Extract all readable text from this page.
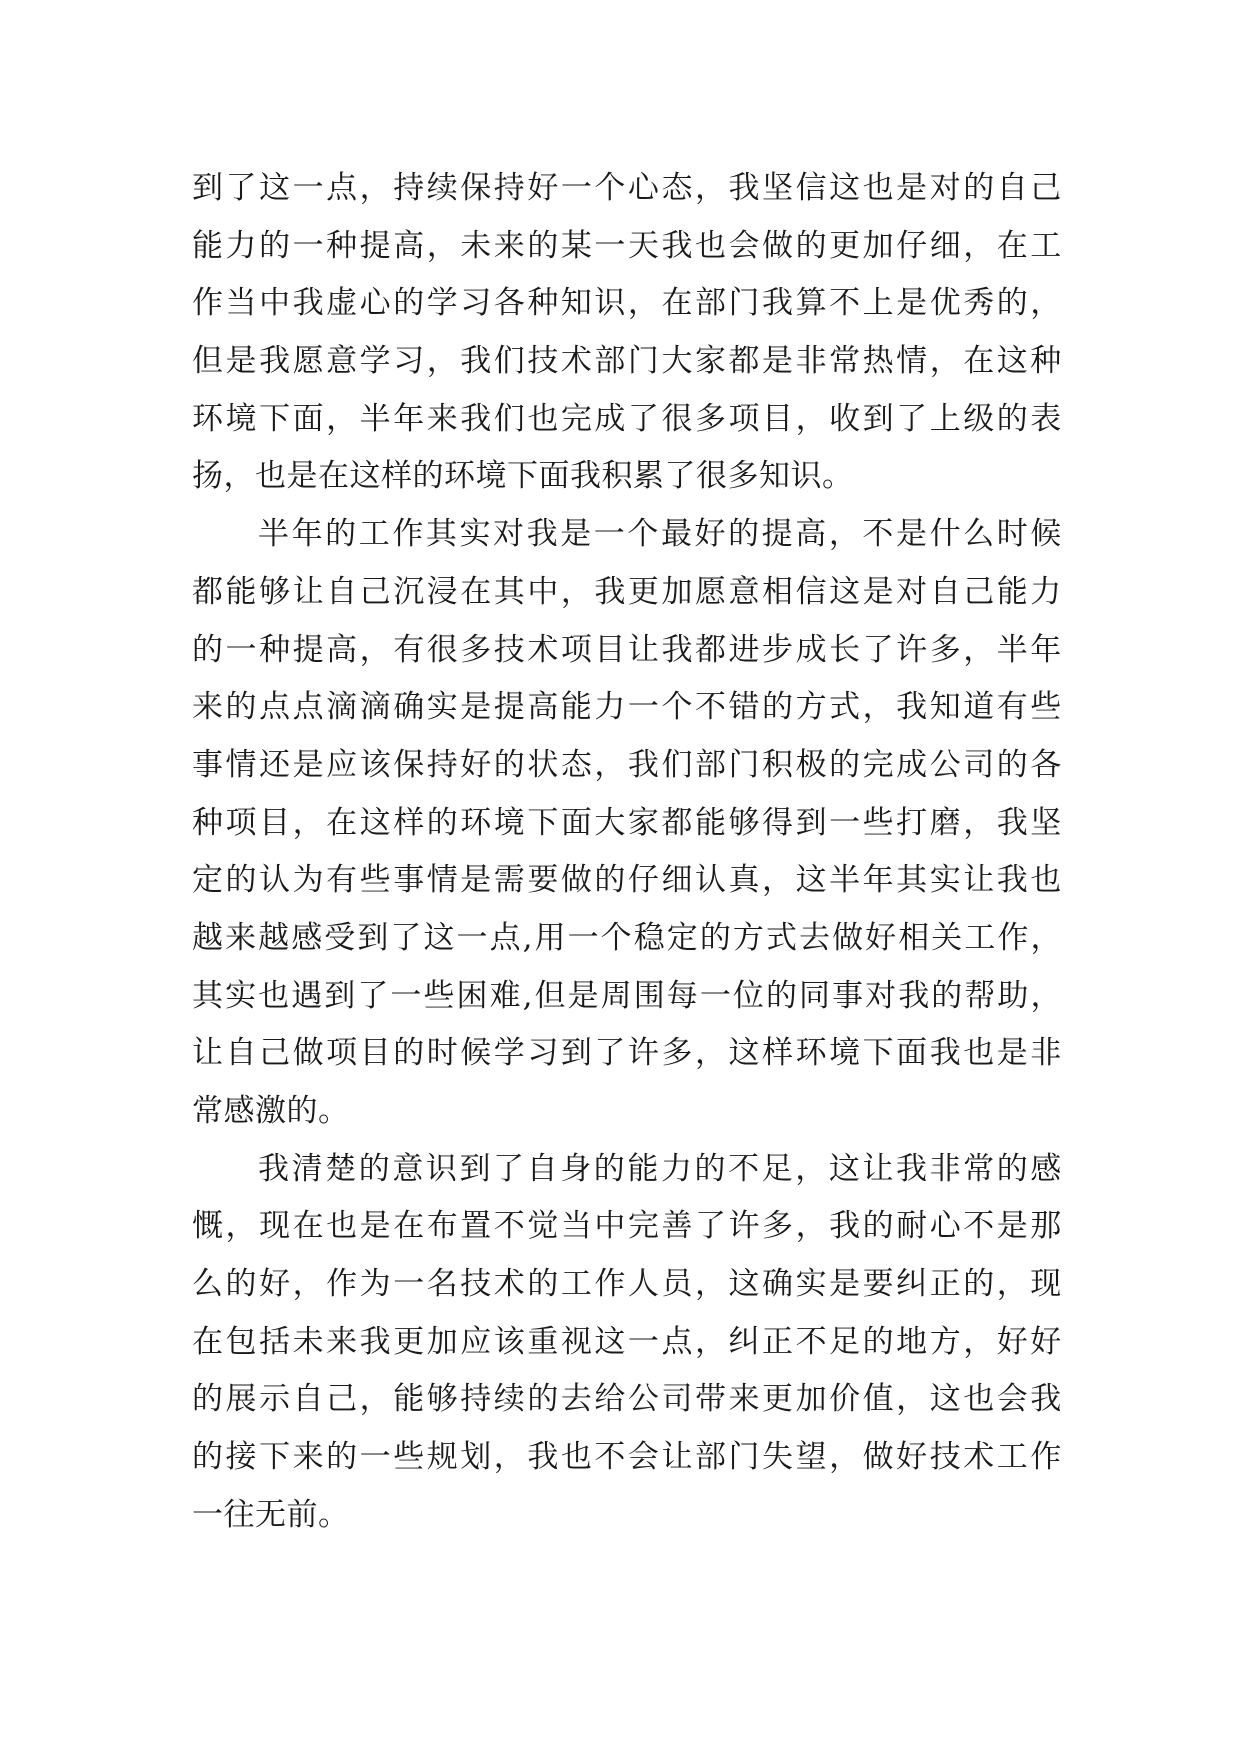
到 了 这 一 点 ， 持 续 保 持 好 一 个 心 态 ， 我 坚 信 这 也 是 对 的 自 己
能 力 的 一 种 提 高 ， 未 来 的 某 一 天 我 也 会 做 的 更 加 仔 细 ， 在 工
作 当 中 我 虚 心 的 学 习 各 种 知 识 ， 在 部 门 我 算 不 上 是 优 秀 的 ，
但 是 我 愿 意 学 习 ， 我 们 技 术 部 门 大 家 都 是 非 常 热 情 ， 在 这 种
环 境 下 面 ， 半 年 来 我 们 也 完 成 了 很 多 项 目 ， 收 到 了 上 级 的 表
扬，也是在这样的环境下面我积累了很多知识。
半 年 的 工 作 其 实 对 我 是 一 个 最 好 的 提 高 ， 不 是 什 么 时 候
都 能 够 让 自 己 沉 浸 在 其 中 ， 我 更 加 愿 意 相 信 这 是 对 自 己 能 力
的 一 种 提 高 ， 有 很 多 技 术 项 目 让 我 都 进 步 成 长 了 许 多 ， 半 年
来 的 点 点 滴 滴 确 实 是 提 高 能 力 一 个 不 错 的 方 式 ， 我 知 道 有 些
事 情 还 是 应 该 保 持 好 的 状 态 ， 我 们 部 门 积 极 的 完 成 公 司 的 各
种 项 目 ， 在 这 样 的 环 境 下 面 大 家 都 能 够 得 到 一 些 打 磨 ， 我 坚
定 的 认 为 有 些 事 情 是 需 要 做 的 仔 细 认 真 ， 这 半 年 其 实 让 我 也
越 来 越 感 受 到 了 这 一 点 , 用 一 个 稳 定 的 方 式 去 做 好 相 关 工 作 ，
其 实 也 遇 到 了 一 些 困 难 , 但 是 周 围 每 一 位 的 同 事 对 我 的 帮 助 ，
让 自 己 做 项 目 的 时 候 学 习 到 了 许 多 ， 这 样 环 境 下 面 我 也 是 非
常感激的。
我 清 楚 的 意 识 到 了 自 身 的 能 力 的 不 足 ， 这 让 我 非 常 的 感
慨 ， 现 在 也 是 在 布 置 不 觉 当 中 完 善 了 许 多 ， 我 的 耐 心 不 是 那
么 的 好 ， 作 为 一 名 技 术 的 工 作 人 员 ， 这 确 实 是 要 纠 正 的 ， 现
在 包 括 未 来 我 更 加 应 该 重 视 这 一 点 ， 纠 正 不 足 的 地 方 ， 好 好
的 展 示 自 己 ， 能 够 持 续 的 去 给 公 司 带 来 更 加 价 值 ， 这 也 会 我
的 接 下 来 的 一 些 规 划 ， 我 也 不 会 让 部 门 失 望 ， 做 好 技 术 工 作
一往无前。
